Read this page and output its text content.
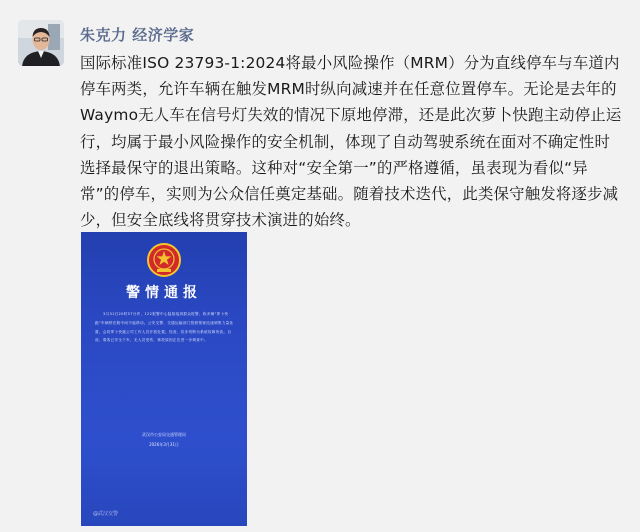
朱克力 经济学家
国际标准ISO 23793-1:2024将最小风险操作（MRM）分为直线停车与车道内停车两类，允许车辆在触发MRM时纵向减速并在任意位置停车。无论是去年的Waymo无人车在信号灯失效的情况下原地停滞，还是此次萝卜快跑主动停止运行，均属于最小风险操作的安全机制，体现了自动驾驶系统在面对不确定性时选择最保守的退出策略。这种对“安全第一”的严格遵循，虽表现为看似“异常”的停车，实则为公众信任奠定基础。随着技术迭代，此类保守触发将逐步减少，但安全底线将贯穿技术演进的始终。
警情通报
3月31日20时57分许，122报警中心陆续接到群众报警，称多辆“萝卜快跑”车辆停在路中间不能移动。公安交警、交通运输部门按照预案迅速调集力量处置，会同萝卜快跑公司工作人员开展处置。经查，初步判断为系统故障所致。目前，乘客已安全下车，无人员受伤，事故原因正在进一步调查中。
武汉市公安局交通管理局
2026年3月31日
@武汉交警
